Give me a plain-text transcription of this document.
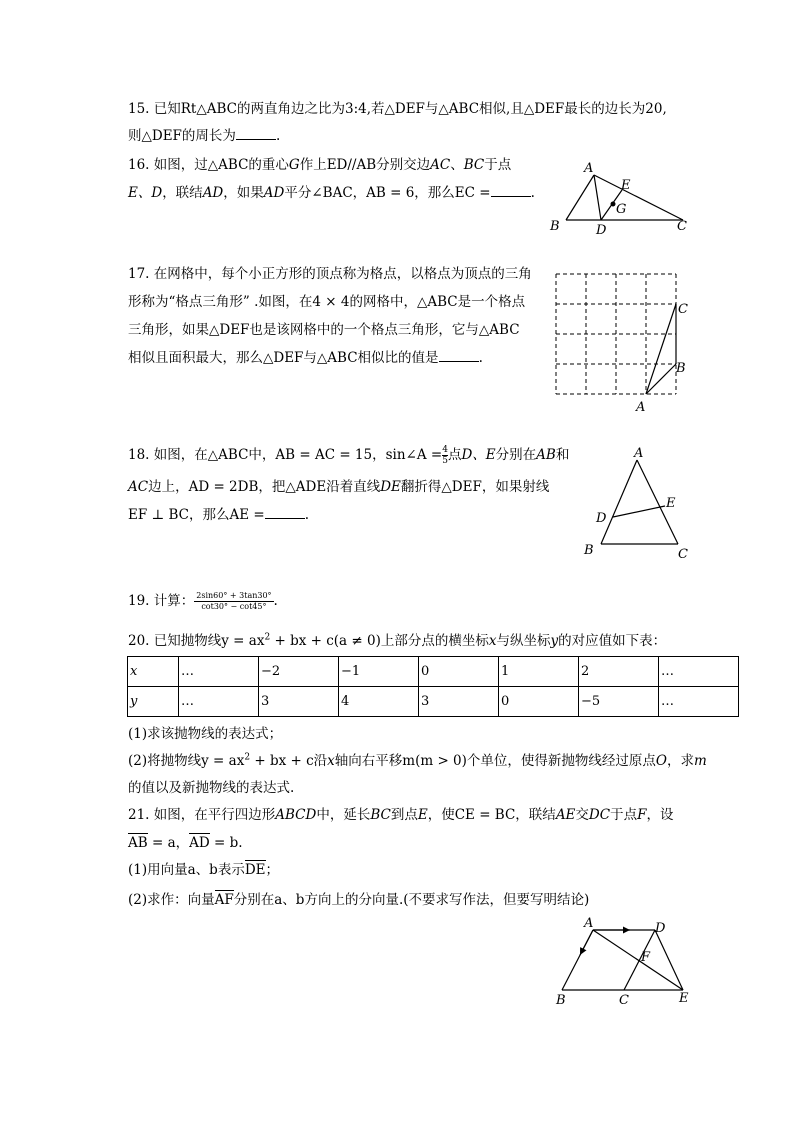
15. 已知Rt△ABC的两直角边之比为3:4,若△DEF与△ABC相似,且△DEF最长的边长为20,
则△DEF的周长为	.
16. 如图，过△ABC的重心G作上ED//AB分别交边AC、BC于点
E、D，联结AD，如果AD平分∠BAC，AB = 6，那么EC =	.
A
B	C
D
E
G
17. 在网格中，每个小正方形的顶点称为格点，以格点为顶点的三角
形称为“格点三角形” .如图，在4 × 4的网格中，△ABC是一个格点
三角形，如果△DEF也是该网格中的一个格点三角形，它与△ABC
相似且面积最大，那么△DEF与△ABC相似比的值是	.
C
B
A
18. 如图，在△ABC中，AB = AC = 15，sin∠A = $\frac{4}{5}$ 点D、E分别在AB和
AC边上，AD = 2DB，把△ADE沿着直线DE翻折得△DEF，如果射线
EF ⊥ BC，那么AE =	.
A
B	C
D
E
19. 计算： $\frac{2\sin 60^\circ + 3\tan 30^\circ}{\cot 30^\circ - \cot 45^\circ}$ .
20. 已知抛物线$y = ax^2$ + bx + c(a ≠ 0)上部分点的横坐标x与纵坐标y的对应值如下表：
x	…	−2	−1	0	1	2	…
y	…	3	4	3	0	−5	…
(1)求该抛物线的表达式；
(2)将抛物线$y = ax^2$ + bx + c沿x轴向右平移m(m > 0)个单位，使得新抛物线经过原点O，求m
的值以及新抛物线的表达式.
21. 如图，在平行四边形ABCD中，延长BC到点E，使CE = BC，联结AE交DC于点F，设
AB = a，AD = b.
(1)用向量a、b表示DE；
(2)求作：向量AF分别在a、b方向上的分向量.(不要求写作法，但要写明结论)
A	D
B	C	E
F
